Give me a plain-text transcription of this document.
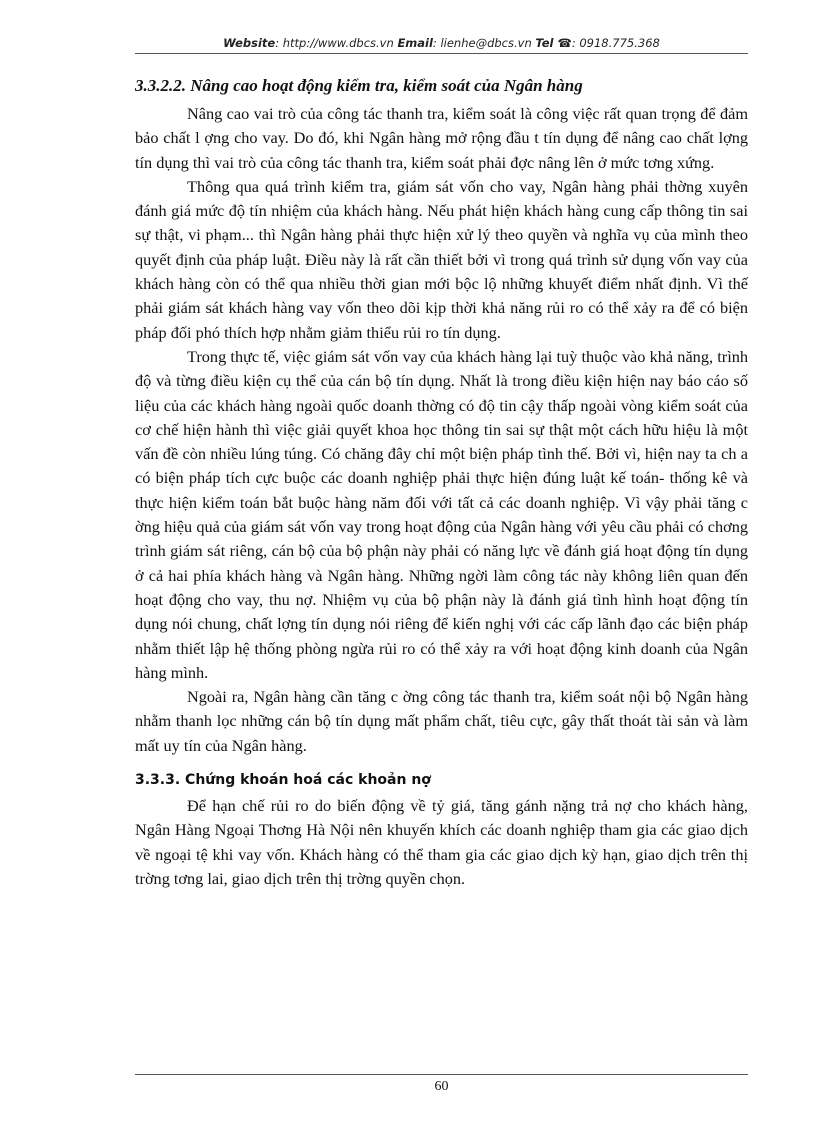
Website: http://www.dbcs.vn Email: lienhe@dbcs.vn Tel ☎: 0918.775.368
3.3.2.2. Nâng cao hoạt động kiểm tra, kiểm soát của Ngân hàng

Nâng cao vai trò của công tác thanh tra, kiểm soát là công việc rất quan trọng để đảm bảo chất l ợng cho vay. Do đó, khi Ngân hàng mở rộng đầu t tín dụng để nâng cao chất lợng tín dụng thì vai trò của công tác thanh tra, kiểm soát phải đợc nâng lên ở mức tơng xứng.

Thông qua quá trình kiểm tra, giám sát vốn cho vay, Ngân hàng phải thờng xuyên đánh giá mức độ tín nhiệm của khách hàng. Nếu phát hiện khách hàng cung cấp thông tin sai sự thật, vi phạm... thì Ngân hàng phải thực hiện xử lý theo quyền và nghĩa vụ của mình theo quyết định của pháp luật. Điều này là rất cần thiết bởi vì trong quá trình sử dụng vốn vay của khách hàng còn có thể qua nhiều thời gian mới bộc lộ những khuyết điểm nhất định. Vì thế phải giám sát khách hàng vay vốn theo dõi kịp thời khả năng rủi ro có thể xảy ra để có biện pháp đối phó thích hợp nhằm giảm thiểu rủi ro tín dụng.

Trong thực tế, việc giám sát vốn vay của khách hàng lại tuỳ thuộc vào khả năng, trình độ và từng điều kiện cụ thể của cán bộ tín dụng. Nhất là trong điều kiện hiện nay báo cáo số liệu của các khách hàng ngoài quốc doanh thờng có độ tin cậy thấp ngoài vòng kiểm soát của cơ chế hiện hành thì việc giải quyết khoa học thông tin sai sự thật một cách hữu hiệu là một vấn đề còn nhiều lúng túng. Có chăng đây chỉ một biện pháp tình thế. Bởi vì, hiện nay ta ch a có biện pháp tích cực buộc các doanh nghiệp phải thực hiện đúng luật kế toán- thống kê và thực hiện kiểm toán bắt buộc hàng năm đối với tất cả các doanh nghiệp. Vì vậy phải tăng c ờng hiệu quả của giám sát vốn vay trong hoạt động của Ngân hàng với yêu cầu phải có chơng trình giám sát riêng, cán bộ của bộ phận này phải có năng lực về đánh giá hoạt động tín dụng ở cả hai phía khách hàng và Ngân hàng. Những ngời làm công tác này không liên quan đến hoạt động cho vay, thu nợ. Nhiệm vụ của bộ phận này là đánh giá tình hình hoạt động tín dụng nói chung, chất lợng tín dụng nói riêng để kiến nghị với các cấp lãnh đạo các biện pháp nhằm thiết lập hệ thống phòng ngừa rủi ro có thể xảy ra với hoạt động kinh doanh của Ngân hàng mình.

Ngoài ra, Ngân hàng cần tăng c ờng công tác thanh tra, kiểm soát nội bộ Ngân hàng nhằm thanh lọc những cán bộ tín dụng mất phẩm chất, tiêu cực, gây thất thoát tài sản và làm mất uy tín của Ngân hàng.

3.3.3. Chứng khoán hoá các khoản nợ

Để hạn chế rủi ro do biến động về tỷ giá, tăng gánh nặng trả nợ cho khách hàng, Ngân Hàng Ngoại Thơng Hà Nội nên khuyến khích các doanh nghiệp tham gia các giao dịch về ngoại tệ khi vay vốn. Khách hàng có thể tham gia các giao dịch kỳ hạn, giao dịch trên thị trờng tơng lai, giao dịch trên thị trờng quyền chọn.

60
